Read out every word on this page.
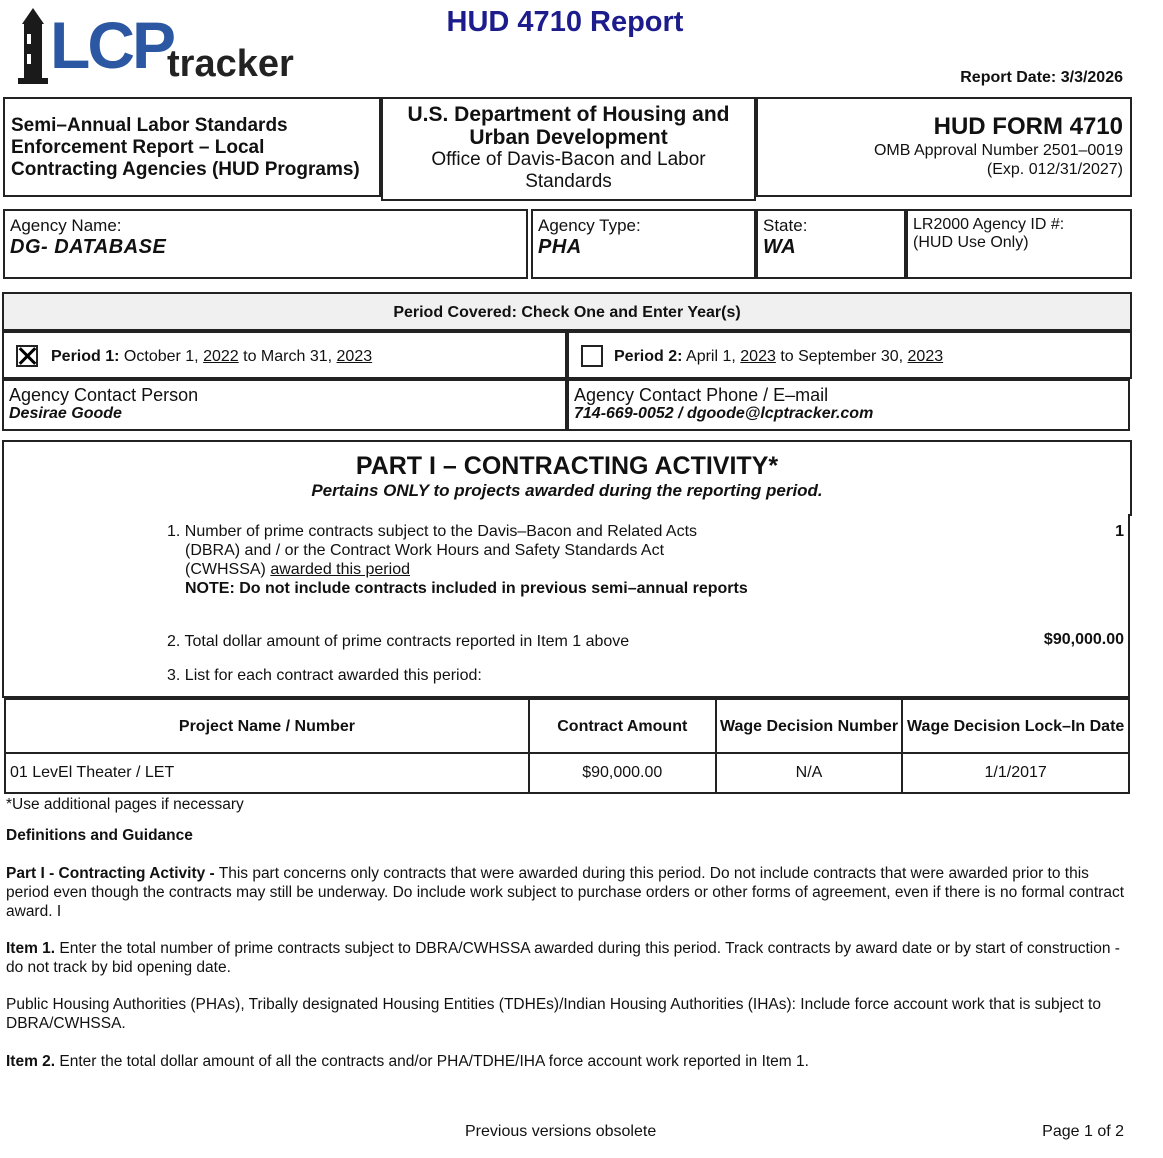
LCP
tracker
HUD 4710 Report
Report Date: 3/3/2026
Semi–Annual Labor Standards Enforcement Report – Local Contracting Agencies (HUD Programs)
U.S. Department of Housing and Urban Development
Office of Davis-Bacon and Labor Standards
HUD FORM 4710
OMB Approval Number 2501–0019
(Exp. 012/31/2027)
Agency Name:
DG- DATABASE
Agency Type:
PHA
State:
WA
LR2000 Agency ID #:
(HUD Use Only)
Period Covered: Check One and Enter Year(s)
Period 1: October 1, 2022 to March 31, 2023	Period 2: April 1, 2023 to September 30, 2023
Agency Contact Person
Desirae Goode
Agency Contact Phone / E–mail
714-669-0052 / dgoode@lcptracker.com
PART I – CONTRACTING ACTIVITY*
Pertains ONLY to projects awarded during the reporting period.
1. Number of prime contracts subject to the Davis–Bacon and Related Acts
(DBRA) and / or the Contract Work Hours and Safety Standards Act
(CWHSSA) awarded this period
NOTE: Do not include contracts included in previous semi–annual reports
1
2. Total dollar amount of prime contracts reported in Item 1 above	$90,000.00
3. List for each contract awarded this period:
Project Name / Number	Contract Amount	Wage Decision Number	Wage Decision Lock–In Date
01 LevEl Theater / LET	$90,000.00	N/A	1/1/2017
*Use additional pages if necessary
Definitions and Guidance
Part I - Contracting Activity - This part concerns only contracts that were awarded during this period. Do not include contracts that were awarded prior to this period even though the contracts may still be underway. Do include work subject to purchase orders or other forms of agreement, even if there is no formal contract award. I
Item 1. Enter the total number of prime contracts subject to DBRA/CWHSSA awarded during this period. Track contracts by award date or by start of construction - do not track by bid opening date.
Public Housing Authorities (PHAs), Tribally designated Housing Entities (TDHEs)/Indian Housing Authorities (IHAs): Include force account work that is subject to DBRA/CWHSSA.
Item 2. Enter the total dollar amount of all the contracts and/or PHA/TDHE/IHA force account work reported in Item 1.
Previous versions obsolete	Page 1 of 2
